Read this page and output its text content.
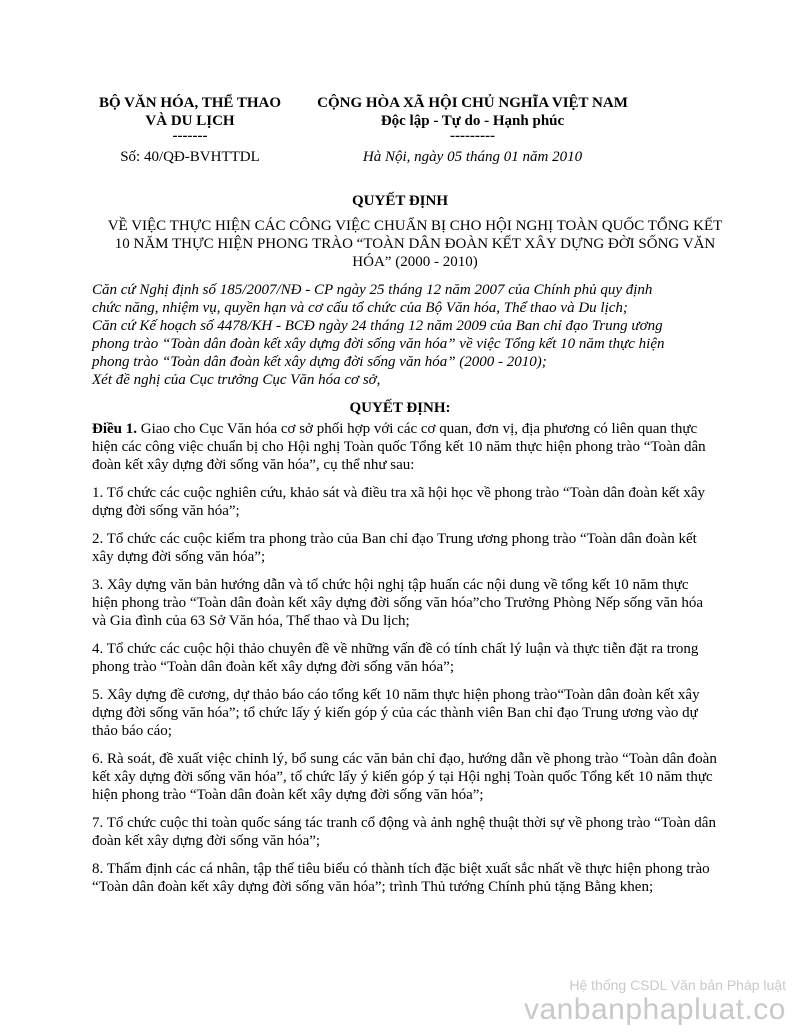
BỘ VĂN HÓA, THỂ THAO
VÀ DU LỊCH
-------
Số: 40/QĐ-BVHTTDL
CỘNG HÒA XÃ HỘI CHỦ NGHĨA VIỆT NAM
Độc lập - Tự do - Hạnh phúc
---------
Hà Nội, ngày 05 tháng 01 năm 2010
QUYẾT ĐỊNH
VỀ VIỆC THỰC HIỆN CÁC CÔNG VIỆC CHUẨN BỊ CHO HỘI NGHỊ TOÀN QUỐC TỔNG KẾT 10 NĂM THỰC HIỆN PHONG TRÀO “TOÀN DÂN ĐOÀN KẾT XÂY DỰNG ĐỜI SỐNG VĂN HÓA” (2000 - 2010)
Căn cứ Nghị định số 185/2007/NĐ - CP ngày 25 tháng 12 năm 2007 của Chính phủ quy định
chức năng, nhiệm vụ, quyền hạn và cơ cấu tổ chức của Bộ Văn hóa, Thể thao và Du lịch;
Căn cứ Kế hoạch số 4478/KH - BCĐ ngày 24 tháng 12 năm 2009 của Ban chỉ đạo Trung ương
phong trào “Toàn dân đoàn kết xây dựng đời sống văn hóa” về việc Tổng kết 10 năm thực hiện
phong trào “Toàn dân đoàn kết xây dựng đời sống văn hóa” (2000 - 2010);
Xét đề nghị của Cục trưởng Cục Văn hóa cơ sở,
QUYẾT ĐỊNH:

Điều 1. Giao cho Cục Văn hóa cơ sở phối hợp với các cơ quan, đơn vị, địa phương có liên quan thực hiện các công việc chuẩn bị cho Hội nghị Toàn quốc Tổng kết 10 năm thực hiện phong trào “Toàn dân đoàn kết xây dựng đời sống văn hóa”, cụ thể như sau:

1. Tổ chức các cuộc nghiên cứu, khảo sát và điều tra xã hội học về phong trào “Toàn dân đoàn kết xây dựng đời sống văn hóa”;

2. Tổ chức các cuộc kiểm tra phong trào của Ban chỉ đạo Trung ương phong trào “Toàn dân đoàn kết xây dựng đời sống văn hóa”;

3. Xây dựng văn bản hướng dẫn và tổ chức hội nghị tập huấn các nội dung về tổng kết 10 năm thực hiện phong trào “Toàn dân đoàn kết xây dựng đời sống văn hóa”cho Trưởng Phòng Nếp sống văn hóa và Gia đình của 63 Sở Văn hóa, Thể thao và Du lịch;

4. Tổ chức các cuộc hội thảo chuyên đề về những vấn đề có tính chất lý luận và thực tiễn đặt ra trong phong trào “Toàn dân đoàn kết xây dựng đời sống văn hóa”;

5. Xây dựng đề cương, dự thảo báo cáo tổng kết 10 năm thực hiện phong trào“Toàn dân đoàn kết xây dựng đời sống văn hóa”; tổ chức lấy ý kiến góp ý của các thành viên Ban chỉ đạo Trung ương vào dự thảo báo cáo;

6. Rà soát, đề xuất việc chỉnh lý, bổ sung các văn bản chỉ đạo, hướng dẫn về phong trào “Toàn dân đoàn kết xây dựng đời sống văn hóa”, tổ chức lấy ý kiến góp ý tại Hội nghị Toàn quốc Tổng kết 10 năm thực hiện phong trào “Toàn dân đoàn kết xây dựng đời sống văn hóa”;

7. Tổ chức cuộc thi toàn quốc sáng tác tranh cổ động và ảnh nghệ thuật thời sự về phong trào “Toàn dân đoàn kết xây dựng đời sống văn hóa”;

8. Thẩm định các cá nhân, tập thể tiêu biểu có thành tích đặc biệt xuất sắc nhất về thực hiện phong trào “Toàn dân đoàn kết xây dựng đời sống văn hóa”; trình Thủ tướng Chính phủ tặng Bằng khen;

Hệ thống CSDL Văn bản Pháp luật
vanbanphapluat.co
